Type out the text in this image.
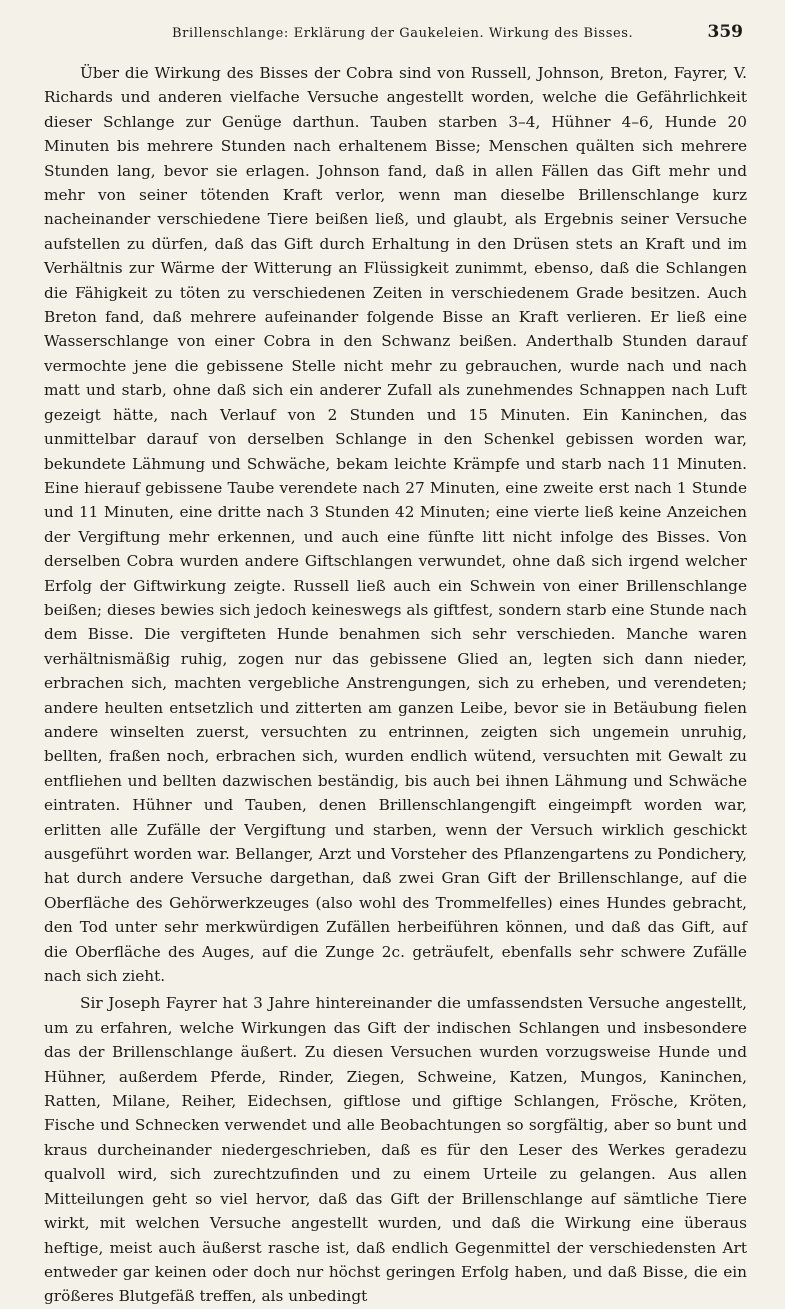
Brillenschlange: Erklärung der Gaukeleien. Wirkung des Bisses.	359

Über die Wirkung des Bisses der Cobra sind von Russell, Johnson, Breton, Fayrer, V. Richards und anderen vielfache Versuche angestellt worden, welche die Gefährlichkeit dieser Schlange zur Genüge darthun. Tauben starben 3–4, Hühner 4–6, Hunde 20 Minuten bis mehrere Stunden nach erhaltenem Bisse; Menschen quälten sich mehrere Stunden lang, bevor sie erlagen. Johnson fand, daß in allen Fällen das Gift mehr und mehr von seiner tötenden Kraft verlor, wenn man dieselbe Brillenschlange kurz nacheinander verschiedene Tiere beißen ließ, und glaubt, als Ergebnis seiner Versuche aufstellen zu dürfen, daß das Gift durch Erhaltung in den Drüsen stets an Kraft und im Verhältnis zur Wärme der Witterung an Flüssigkeit zunimmt, ebenso, daß die Schlangen die Fähigkeit zu töten zu verschiedenen Zeiten in verschiedenem Grade besitzen. Auch Breton fand, daß mehrere aufeinander folgende Bisse an Kraft verlieren. Er ließ eine Wasserschlange von einer Cobra in den Schwanz beißen. Anderthalb Stunden darauf vermochte jene die gebissene Stelle nicht mehr zu gebrauchen, wurde nach und nach matt und starb, ohne daß sich ein anderer Zufall als zunehmendes Schnappen nach Luft gezeigt hätte, nach Verlauf von 2 Stunden und 15 Minuten. Ein Kaninchen, das unmittelbar darauf von derselben Schlange in den Schenkel gebissen worden war, bekundete Lähmung und Schwäche, bekam leichte Krämpfe und starb nach 11 Minuten. Eine hierauf gebissene Taube verendete nach 27 Minuten, eine zweite erst nach 1 Stunde und 11 Minuten, eine dritte nach 3 Stunden 42 Minuten; eine vierte ließ keine Anzeichen der Vergiftung mehr erkennen, und auch eine fünfte litt nicht infolge des Bisses. Von derselben Cobra wurden andere Giftschlangen verwundet, ohne daß sich irgend welcher Erfolg der Giftwirkung zeigte. Russell ließ auch ein Schwein von einer Brillenschlange beißen; dieses bewies sich jedoch keineswegs als giftfest, sondern starb eine Stunde nach dem Bisse. Die vergifteten Hunde benahmen sich sehr verschieden. Manche waren verhältnismäßig ruhig, zogen nur das gebissene Glied an, legten sich dann nieder, erbrachen sich, machten vergebliche Anstrengungen, sich zu erheben, und verendeten; andere heulten entsetzlich und zitterten am ganzen Leibe, bevor sie in Betäubung fielen andere winselten zuerst, versuchten zu entrinnen, zeigten sich ungemein unruhig, bellten, fraßen noch, erbrachen sich, wurden endlich wütend, versuchten mit Gewalt zu entfliehen und bellten dazwischen beständig, bis auch bei ihnen Lähmung und Schwäche eintraten. Hühner und Tauben, denen Brillenschlangengift eingeimpft worden war, erlitten alle Zufälle der Vergiftung und starben, wenn der Versuch wirklich geschickt ausgeführt worden war. Bellanger, Arzt und Vorsteher des Pflanzengartens zu Pondichery, hat durch andere Versuche dargethan, daß zwei Gran Gift der Brillenschlange, auf die Oberfläche des Gehörwerkzeuges (also wohl des Trommelfelles) eines Hundes gebracht, den Tod unter sehr merkwürdigen Zufällen herbeiführen können, und daß das Gift, auf die Oberfläche des Auges, auf die Zunge 2c. geträufelt, ebenfalls sehr schwere Zufälle nach sich zieht.

Sir Joseph Fayrer hat 3 Jahre hintereinander die umfassendsten Versuche angestellt, um zu erfahren, welche Wirkungen das Gift der indischen Schlangen und insbesondere das der Brillenschlange äußert. Zu diesen Versuchen wurden vorzugsweise Hunde und Hühner, außerdem Pferde, Rinder, Ziegen, Schweine, Katzen, Mungos, Kaninchen, Ratten, Milane, Reiher, Eidechsen, giftlose und giftige Schlangen, Frösche, Kröten, Fische und Schnecken verwendet und alle Beobachtungen so sorgfältig, aber so bunt und kraus durcheinander niedergeschrieben, daß es für den Leser des Werkes geradezu qualvoll wird, sich zurechtzufinden und zu einem Urteile zu gelangen. Aus allen Mitteilungen geht so viel hervor, daß das Gift der Brillenschlange auf sämtliche Tiere wirkt, mit welchen Versuche angestellt wurden, und daß die Wirkung eine überaus heftige, meist auch äußerst rasche ist, daß endlich Gegenmittel der verschiedensten Art entweder gar keinen oder doch nur höchst geringen Erfolg haben, und daß Bisse, die ein größeres Blutgefäß treffen, als unbedingt
